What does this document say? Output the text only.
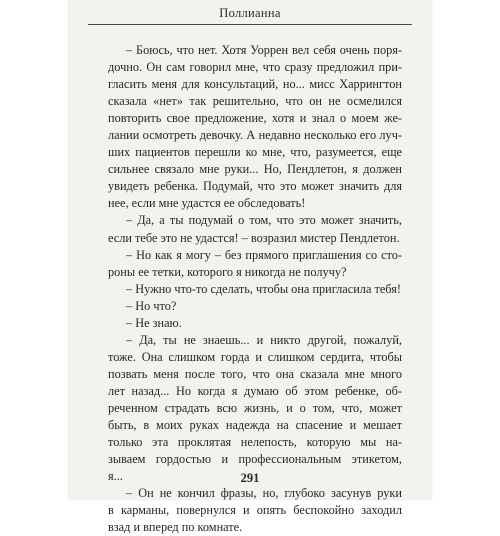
Поллианна
– Боюсь, что нет. Хотя Уоррен вел себя очень поря-
дочно. Он сам говорил мне, что сразу предложил при-
гласить меня для консультаций, но... мисс Харрингтон
сказала «нет» так решительно, что он не осмелился
повторить свое предложение, хотя и знал о моем же-
лании осмотреть девочку. А недавно несколько его луч-
ших пациентов перешли ко мне, что, разумеется, еще
сильнее связало мне руки... Но, Пендлетон, я должен
увидеть ребенка. Подумай, что это может значить для
нее, если мне удастся ее обследовать!
– Да, а ты подумай о том, что это может значить,
если тебе это не удастся! – возразил мистер Пендлетон.
– Но как я могу – без прямого приглашения со сто-
роны ее тетки, которого я никогда не получу?
– Нужно что-то сделать, чтобы она пригласила тебя!
– Но что?
– Не знаю.
– Да, ты не знаешь... и никто другой, пожалуй,
тоже. Она слишком горда и слишком сердита, чтобы
позвать меня после того, что она сказала мне много
лет назад... Но когда я думаю об этом ребенке, об-
реченном страдать всю жизнь, и о том, что, может
быть, в моих руках надежда на спасение и мешает
только эта проклятая нелепость, которую мы на-
зываем гордостью и профессиональным этикетом,
я...
– Он не кончил фразы, но, глубоко засунув руки
в карманы, повернулся и опять беспокойно заходил
взад и вперед по комнате.
291
